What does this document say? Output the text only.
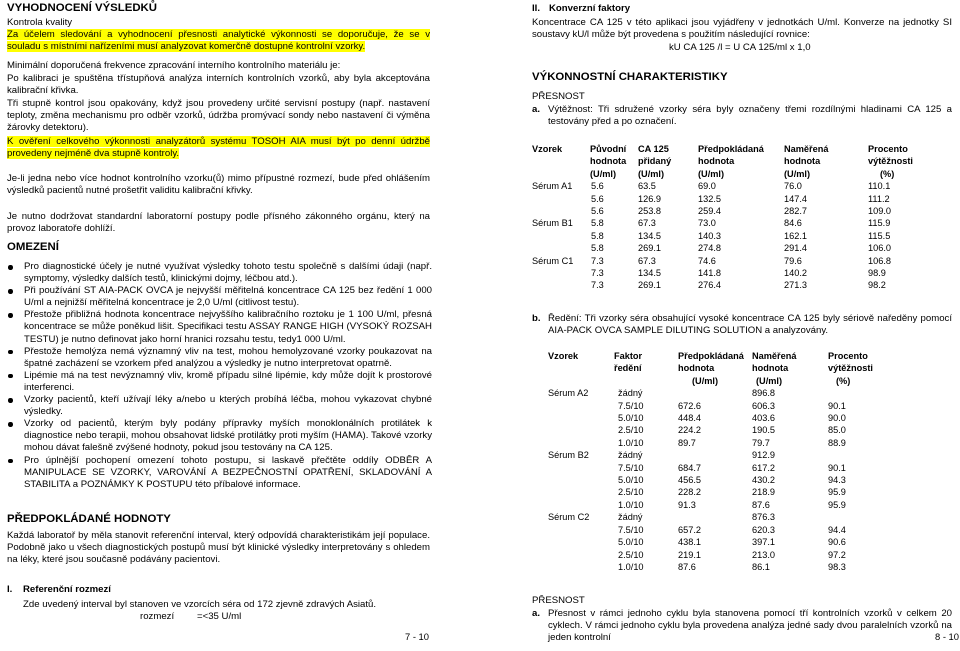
VYHODNOCENÍ VÝSLEDKŮ
Kontrola kvality
Za účelem sledování a vyhodnocení přesnosti analytické výkonnosti se doporučuje, že se v souladu s místními nařízeními musí analyzovat komerčně dostupné kontrolní vzorky.
Minimální doporučená frekvence zpracování interního kontrolního materiálu je:
Po kalibraci je spuštěna třístupňová analýza interních kontrolních vzorků, aby byla akceptována kalibrační křivka.
Tři stupně kontrol jsou opakovány, když jsou provedeny určité servisní postupy (např. nastavení teploty, změna mechanismu pro odběr vzorků, údržba promývací sondy nebo nastavení či výměna žárovky detektoru).
K ověření celkového výkonnosti analyzátorů systému TOSOH AIA musí být po denní údržbě provedeny nejméně dva stupně kontroly.
Je-li jedna nebo více hodnot kontrolního vzorku(ů) mimo přípustné rozmezí, bude před ohlášením výsledků pacientů nutné prošetřit validitu kalibrační křivky.
Je nutno dodržovat standardní laboratorní postupy podle přísného zákonného orgánu, který na provoz laboratoře dohlíží.
OMEZENÍ
Pro diagnostické účely je nutné využívat výsledky tohoto testu společně s dalšími údaji (např. symptomy, výsledky dalších testů, klinickými dojmy, léčbou atd.).
Při používání ST AIA-PACK OVCA je nejvyšší měřitelná koncentrace CA 125 bez ředění 1 000 U/ml a nejnižší měřitelná koncentrace je 2,0 U/ml (citlivost testu).
Přestože přibližná hodnota koncentrace nejvyššího kalibračního roztoku je 1 100 U/ml, přesná koncentrace se může poněkud lišit. Specifikaci testu ASSAY RANGE HIGH (VYSOKÝ ROZSAH TESTU) je nutno definovat jako horní hranici rozsahu testu, tedy1 000 U/ml.
Přestože hemolýza nemá významný vliv na test, mohou hemolyzované vzorky poukazovat na špatné zacházení se vzorkem před analýzou a výsledky je nutno interpretovat opatrně.
Lipémie má na test nevýznamný vliv, kromě případu silné lipémie, kdy může dojít k prostorové interferenci.
Vzorky pacientů, kteří užívají léky a/nebo u kterých probíhá léčba, mohou vykazovat chybné výsledky.
Vzorky od pacientů, kterým byly podány přípravky myších monoklonálních protilátek k diagnostice nebo terapii, mohou obsahovat lidské protilátky proti myším (HAMA). Takové vzorky mohou dávat falešně zvýšené hodnoty, pokud jsou testovány na CA 125.
Pro úplnější pochopení omezení tohoto postupu, si laskavě přečtěte oddíly ODBĚR A MANIPULACE SE VZORKY, VAROVÁNÍ A BEZPEČNOSTNÍ OPATŘENÍ, SKLADOVÁNÍ A STABILITA a POZNÁMKY K POSTUPU této příbalové informace.
PŘEDPOKLÁDANÉ HODNOTY
Každá laboratoř by měla stanovit referenční interval, který odpovídá charakteristikám její populace. Podobně jako u všech diagnostických postupů musí být klinické výsledky interpretovány s ohledem na léky, které jsou současně podávány pacientovi.
I. Referenční rozmezí
Zde uvedený interval byl stanoven ve vzorcích séra od 172 zjevně zdravých Asiatů.
rozmezí =<35 U/ml
7 - 10
II. Konverzní faktory
Koncentrace CA 125 v této aplikaci jsou vyjádřeny v jednotkách U/ml. Konverze na jednotky SI soustavy kU/l může být provedena s použitím následující rovnice:
kU CA 125 /l = U CA 125/ml x 1,0
VÝKONNOSTNÍ CHARAKTERISTIKY
PŘESNOST
a. Výtěžnost: Tři sdružené vzorky séra byly označeny třemi rozdílnými hladinami CA 125 a testovány před a po označení.
Vzorek	Původní	CA 125	Předpokládaná	Naměřená	Procento
	hodnota	přidaný	hodnota	hodnota	výtěžnosti
	(U/ml)	(U/ml)	(U/ml)	(U/ml)	(%)
Sérum A1	5.6	63.5	69.0	76.0	110.1
	5.6	126.9	132.5	147.4	111.2
	5.6	253.8	259.4	282.7	109.0
Sérum B1	5.8	67.3	73.0	84.6	115.9
	5.8	134.5	140.3	162.1	115.5
	5.8	269.1	274.8	291.4	106.0
Sérum C1	7.3	67.3	74.6	79.6	106.8
	7.3	134.5	141.8	140.2	98.9
	7.3	269.1	276.4	271.3	98.2
b. Ředění: Tři vzorky séra obsahující vysoké koncentrace CA 125 byly sériově naředěny pomocí AIA-PACK OVCA SAMPLE DILUTING SOLUTION a analyzovány.
Vzorek	Faktor	Předpokládaná	Naměřená	Procento
	ředění	hodnota	hodnota	výtěžnosti
		(U/ml)	(U/ml)	(%)
Sérum A2	žádný		896.8	
	7.5/10	672.6	606.3	90.1
	5.0/10	448.4	403.6	90.0
	2.5/10	224.2	190.5	85.0
	1.0/10	89.7	79.7	88.9
Sérum B2	žádný		912.9	
	7.5/10	684.7	617.2	90.1
	5.0/10	456.5	430.2	94.3
	2.5/10	228.2	218.9	95.9
	1.0/10	91.3	87.6	95.9
Sérum C2	žádný		876.3	
	7.5/10	657.2	620.3	94.4
	5.0/10	438.1	397.1	90.6
	2.5/10	219.1	213.0	97.2
	1.0/10	87.6	86.1	98.3
PŘESNOST
a. Přesnost v rámci jednoho cyklu byla stanovena pomocí tří kontrolních vzorků v celkem 20 cyklech. V rámci jednoho cyklu byla provedena analýza jedné sady dvou paralelních vzorků na jeden kontrolní	8 - 10
